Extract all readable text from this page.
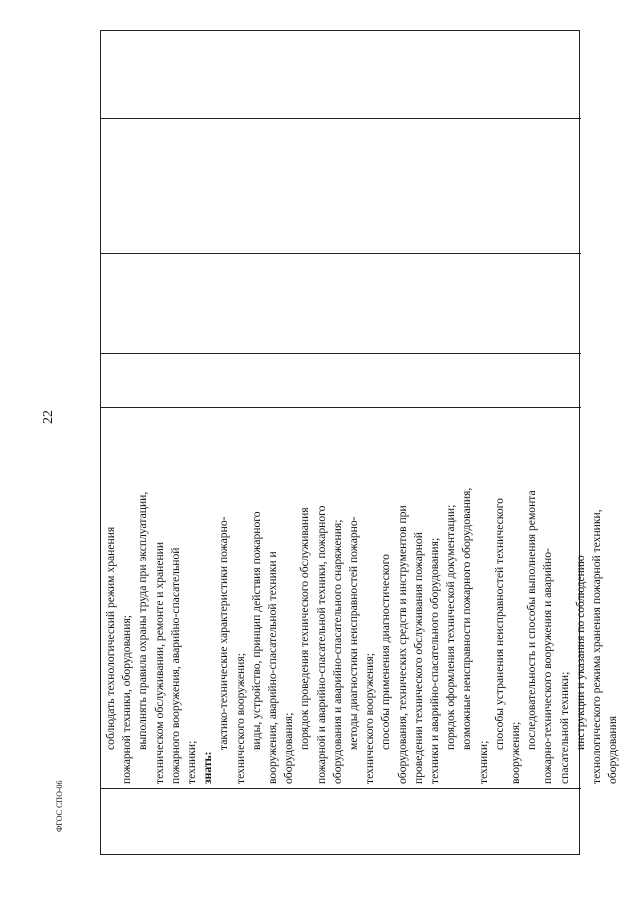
соблюдать технологический режим хранения пожарной техники, оборудования; выполнять правила охраны труда при эксплуатации, техническом обслуживании, ремонте и хранении пожарного вооружения, аварийно-спасательной техники; знать:
тактико-технические характеристики пожарно- технического вооружения; виды, устройство, принцип действия пожарного вооружения, аварийно-спасательной техники и оборудования; порядок проведения технического обслуживания пожарной и аварийно-спасательной техники, пожарного оборудования и аварийно-спасательного снаряжения; методы диагностики неисправностей пожарно- технического вооружения; способы применения диагностического оборудования, технических средств и инструментов при проведении технического обслуживания пожарной техники и аварийно-спасательного оборудования; порядок оформления технической документации; возможные неисправности пожарного оборудования,
техники;
способы устранения неисправностей технического
вооружения;
последовательность и способы выполнения ремонта пожарно-технического вооружения и аварийно- спасательной техники; инструкции и указания по соблюдению технологического режима хранения пожарной техники, оборудования
22
ФГОС СПО-06
